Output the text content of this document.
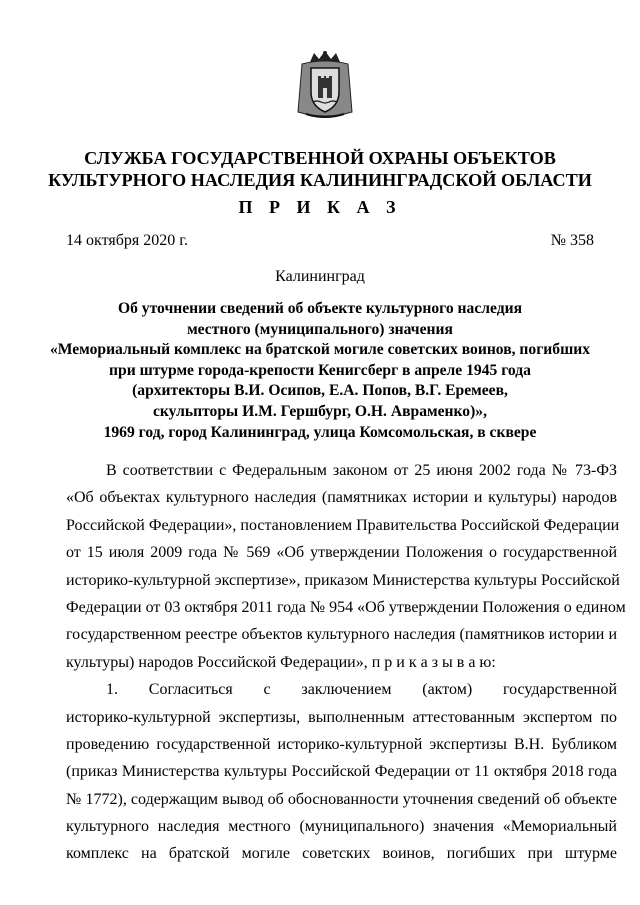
СЛУЖБА ГОСУДАРСТВЕННОЙ ОХРАНЫ ОБЪЕКТОВ
КУЛЬТУРНОГО НАСЛЕДИЯ КАЛИНИНГРАДСКОЙ ОБЛАСТИ
П Р И К А З
14 октября 2020 г.	№ 358
Калининград
Об уточнении сведений об объекте культурного наследия
местного (муниципального) значения
«Мемориальный комплекс на братской могиле советских воинов, погибших
при штурме города-крепости Кенигсберг в апреле 1945 года
(архитекторы В.И. Осипов, Е.А. Попов, В.Г. Еремеев,
скульпторы И.М. Гершбург, О.Н. Авраменко)»,
1969 год, город Калининград, улица Комсомольская, в сквере
В соответствии с Федеральным законом от 25 июня 2002 года № 73-ФЗ
«Об объектах культурного наследия (памятниках истории и культуры) народов
Российской Федерации», постановлением Правительства Российской Федерации
от 15 июля 2009 года № 569 «Об утверждении Положения о государственной
историко-культурной экспертизе», приказом Министерства культуры Российской
Федерации от 03 октября 2011 года № 954 «Об утверждении Положения о едином
государственном реестре объектов культурного наследия (памятников истории и
культуры) народов Российской Федерации», п р и к а з ы в а ю:
1. Согласиться с заключением (актом) государственной
историко-культурной экспертизы, выполненным аттестованным экспертом по
проведению государственной историко-культурной экспертизы В.Н. Бубликом
(приказ Министерства культуры Российской Федерации от 11 октября 2018 года
№ 1772), содержащим вывод об обоснованности уточнения сведений об объекте
культурного наследия местного (муниципального) значения «Мемориальный
комплекс на братской могиле советских воинов, погибших при штурме
